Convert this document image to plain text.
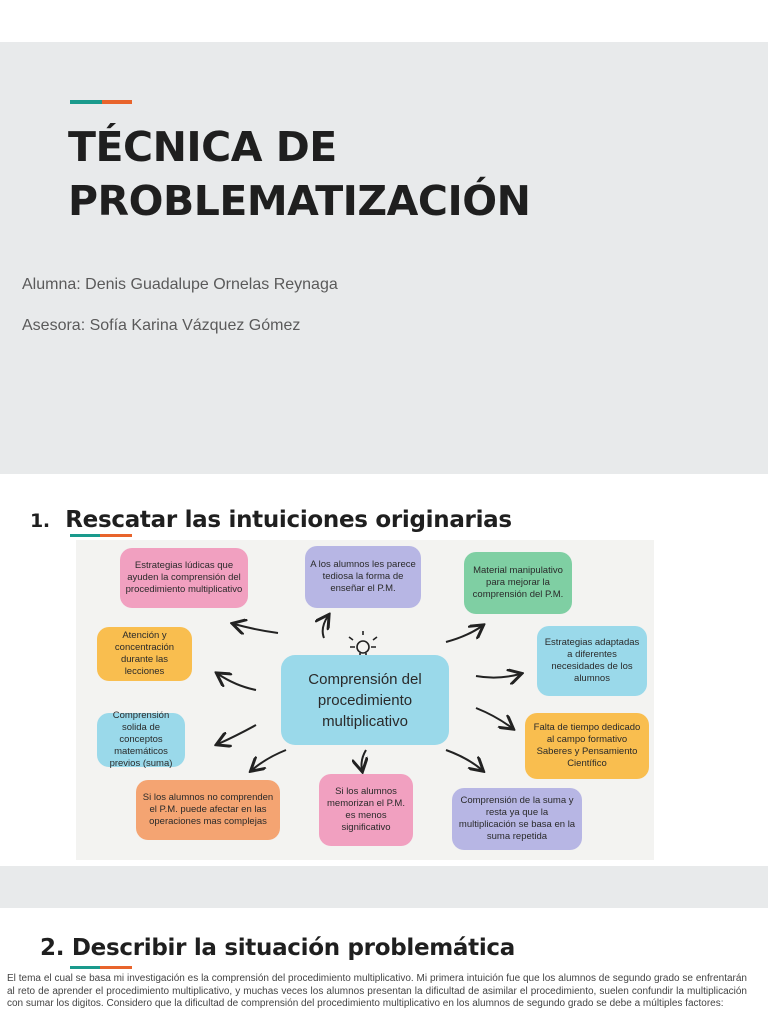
TÉCNICA DE
PROBLEMATIZACIÓN
Alumna: Denis Guadalupe Ornelas Reynaga
Asesora: Sofía Karina Vázquez Gómez
1. Rescatar las intuiciones originarias
Estrategias lúdicas que ayuden la comprensión del procedimiento multiplicativo
A los alumnos les parece tediosa la forma de enseñar el P.M.
Material manipulativo para mejorar la comprensión del P.M.
Atención y concentración durante las lecciones
Estrategias adaptadas a diferentes necesidades de los alumnos
Comprensión del procedimiento multiplicativo
Comprensión solida de conceptos matemáticos previos (suma)
Falta de tiempo dedicado al campo formativo Saberes y Pensamiento Científico
Si los alumnos no comprenden el P.M. puede afectar en las operaciones mas complejas
Si los alumnos memorizan el P.M. es menos significativo
Comprensión de la suma y resta ya que la multiplicación se basa en la suma repetida
2. Describir la situación problemática

El tema el cual se basa mi investigación es la comprensión del procedimiento multiplicativo. Mi primera intuición fue que los alumnos de segundo grado se enfrentarán al reto de aprender el procedimiento multiplicativo, y muchas veces los alumnos presentan la dificultad de asimilar el procedimiento, suelen confundir la multiplicación con sumar los digitos. Considero que la dificultad de comprensión del procedimiento multiplicativo en los alumnos de segundo grado se debe a múltiples factores:
